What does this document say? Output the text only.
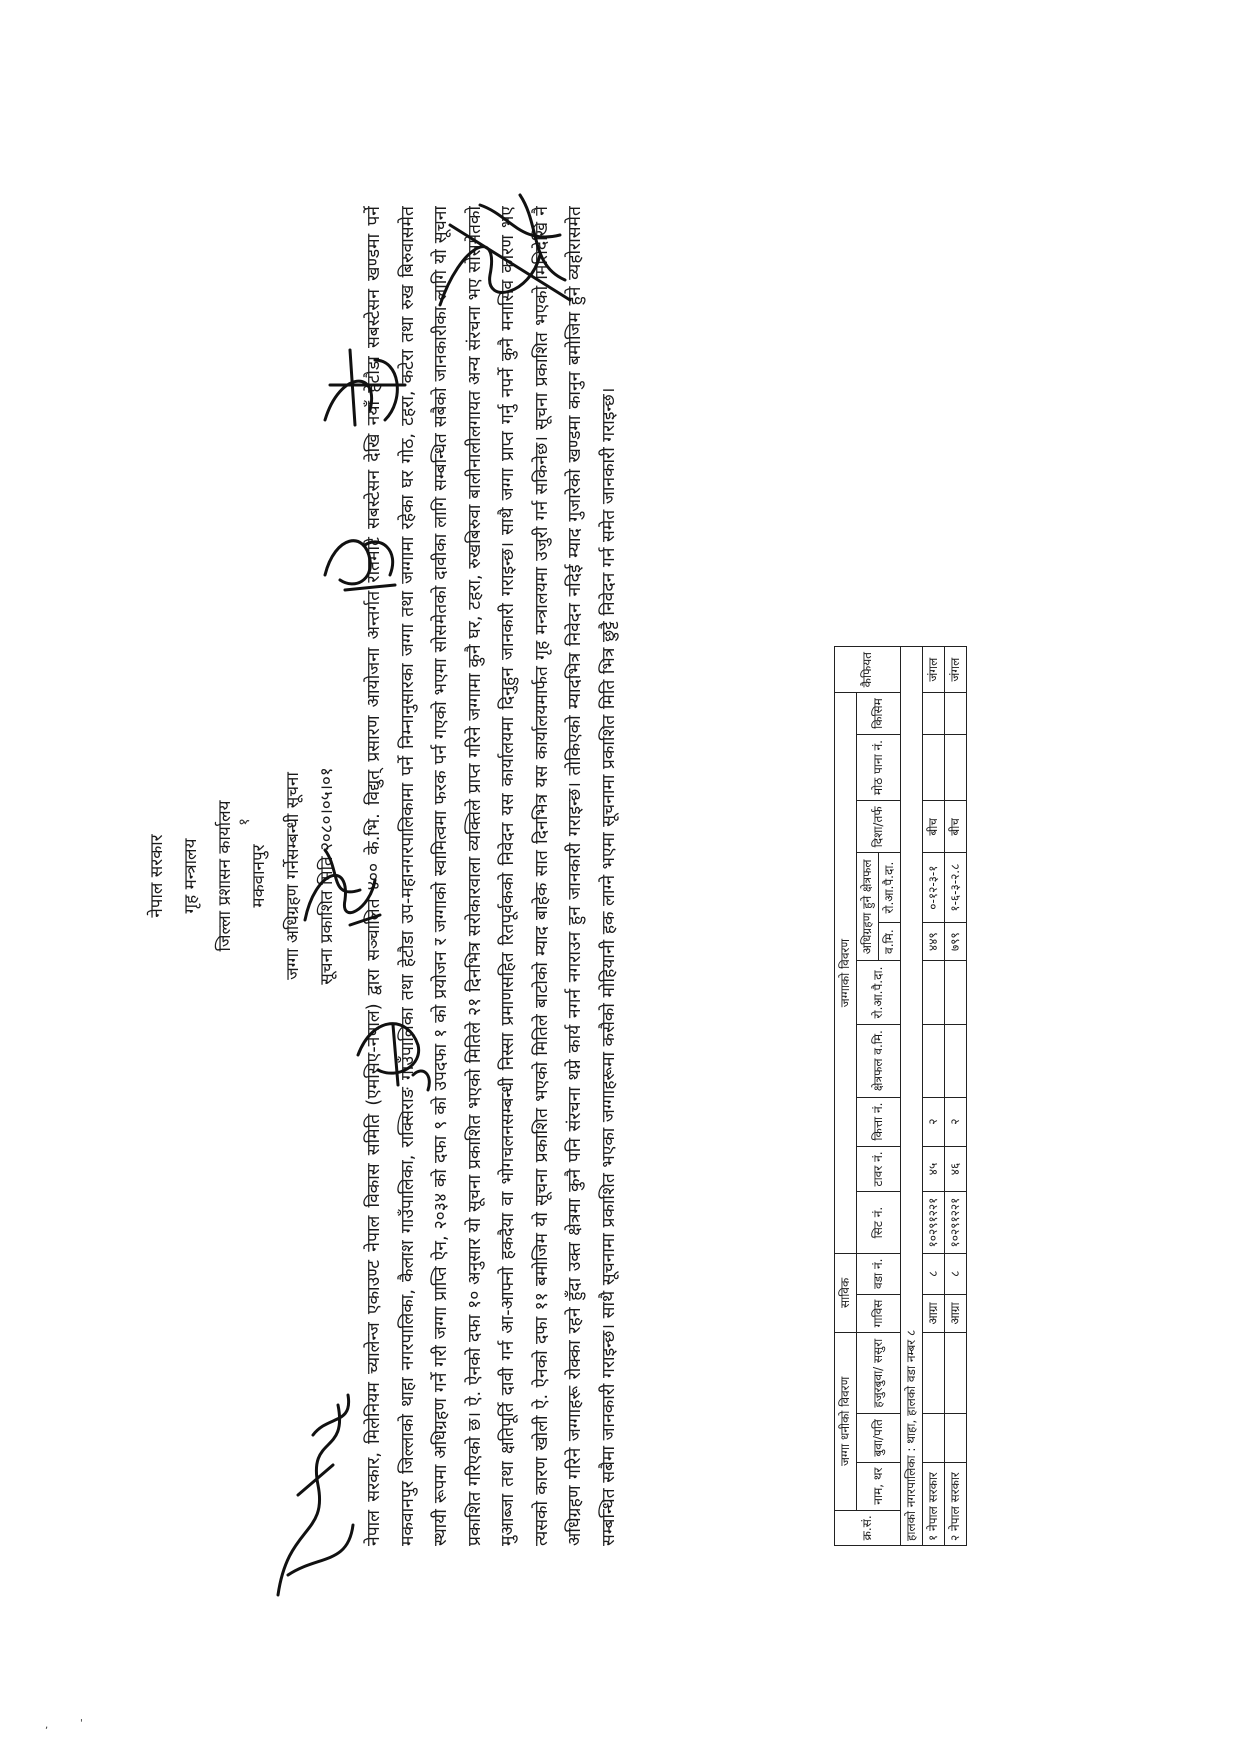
नेपाल सरकार गृह मन्त्रालय जिल्ला प्रशासन कार्यालय मकवानपुर जग्गा अधिग्रहण गर्नेसम्बन्धी सूचना सूचना प्रकाशित मिति २०८०।०५।०१	नेपाल सरकार, मिलेनियम च्यालेन्ज एकाउण्ट नेपाल विकास समिति (एमसिए-नेपाल) द्वारा सञ्चालित ४०० के.भि. विद्युत् प्रसारण आयोजना अन्तर्गत रातमाटे सबस्टेसन देखि नयाँ हेटौडा सबस्टेसन खण्डमा पर्ने मकवानपुर जिल्लाको थाहा नगरपालिका, कैलाश गाउँपालिका, राक्सिराङ गाउँपालिका तथा हेटौडा उप-महानगरपालिकामा पर्ने निम्नानुसारका जग्गा तथा जग्गामा रहेका घर गोठ, टहरा, कटेरा तथा रुख बिरुवासमेत स्थायी रूपमा अधिग्रहण गर्ने गरी जग्गा प्राप्ति ऐन, २०३४ को दफा ९ को उपदफा १ को प्रयोजन र जग्गाको स्वामित्वमा फरक पर्न गएको भएमा सोसमेतको दावीका लागि सम्बन्धित सबैको जानकारीका लागि यो सूचना प्रकाशित गरिएको छ। ऐ. ऐनको दफा १० अनुसार यो सूचना प्रकाशित भएको मितिले २१ दिनभित्र सरोकारवाला व्यक्तिले प्राप्त गरिने जग्गामा कुनै घर, टहरा, रुखबिरुवा बालीनालीलगायत अन्य संरचना भए सोसमेतको मुआब्जा तथा क्षतिपूर्ति दावी गर्न आ-आफ्नो हकदैया वा भोगचलनसम्बन्धी निस्सा प्रमाणसहित रितपूर्वकको निवेदन यस कार्यालयमा दिनुहुन जानकारी गराइन्छ। साथै जग्गा प्राप्त गर्नु नपर्ने कुनै मनासिव कारण भए त्यसको कारण खोली ऐ. ऐनको दफा ११ बमोजिम यो सूचना प्रकाशित भएको मितिले बाटोको म्याद बाहेक सात दिनभित्र यस कार्यालयमार्फत गृह मन्त्रालयमा उजुरी गर्न सकिनेछ। सूचना प्रकाशित भएको मितिदेखि नै अधिग्रहण गरिने जग्गाहरू रोक्का रहने हुँदा उक्त क्षेत्रमा कुनै पनि संरचना थप्ने कार्य नगर्न नगराउन हुन जानकारी गराइन्छ। तोकिएको म्यादभित्र निवेदन नदिई म्याद गुजारेको खण्डमा कानुन बमोजिम हुने व्यहोरासमेत सम्बन्धित सबैमा जानकारी गराइन्छ। साथै सूचनामा प्रकाशित भएका जग्गाहरूमा कसैको मोहियानी हक लाग्ने भएमा सूचनामा प्रकाशित मिति भित्र छुट्टै निवेदन गर्न समेत जानकारी गराइन्छ।	क्र.सं.	जग्गा धनीको विवरण			साविक		जग्गाको विवरण										कैफियत
	नाम, थर	बुवा/पति	हजुरबुवा/ ससुरा	गाविस	वडा नं.	सिट नं.	टावर नं.	कित्ता नं.	क्षेत्रफल व.मि.	रो.आ.पै.दा.	अधिग्रहण हुने क्षेत्रफल		दिशा/तर्फ	मोठ पाना नं.	किसिम	
											व.मि.	रो.आ.पै.दा.				
हालको नगरपालिका : थाहा, हालको वडा नम्बर ८																
१ नेपाल सरकार				आग्रा	८	१०२९१२२१	४५	२			४४९	०-१२-३-१	बीच			जंगल
२ नेपाल सरकार				आग्रा	८	१०२९१२२१	४६	२			७९९	१-६-३-२.८	बीच			जंगल
१
'
,
